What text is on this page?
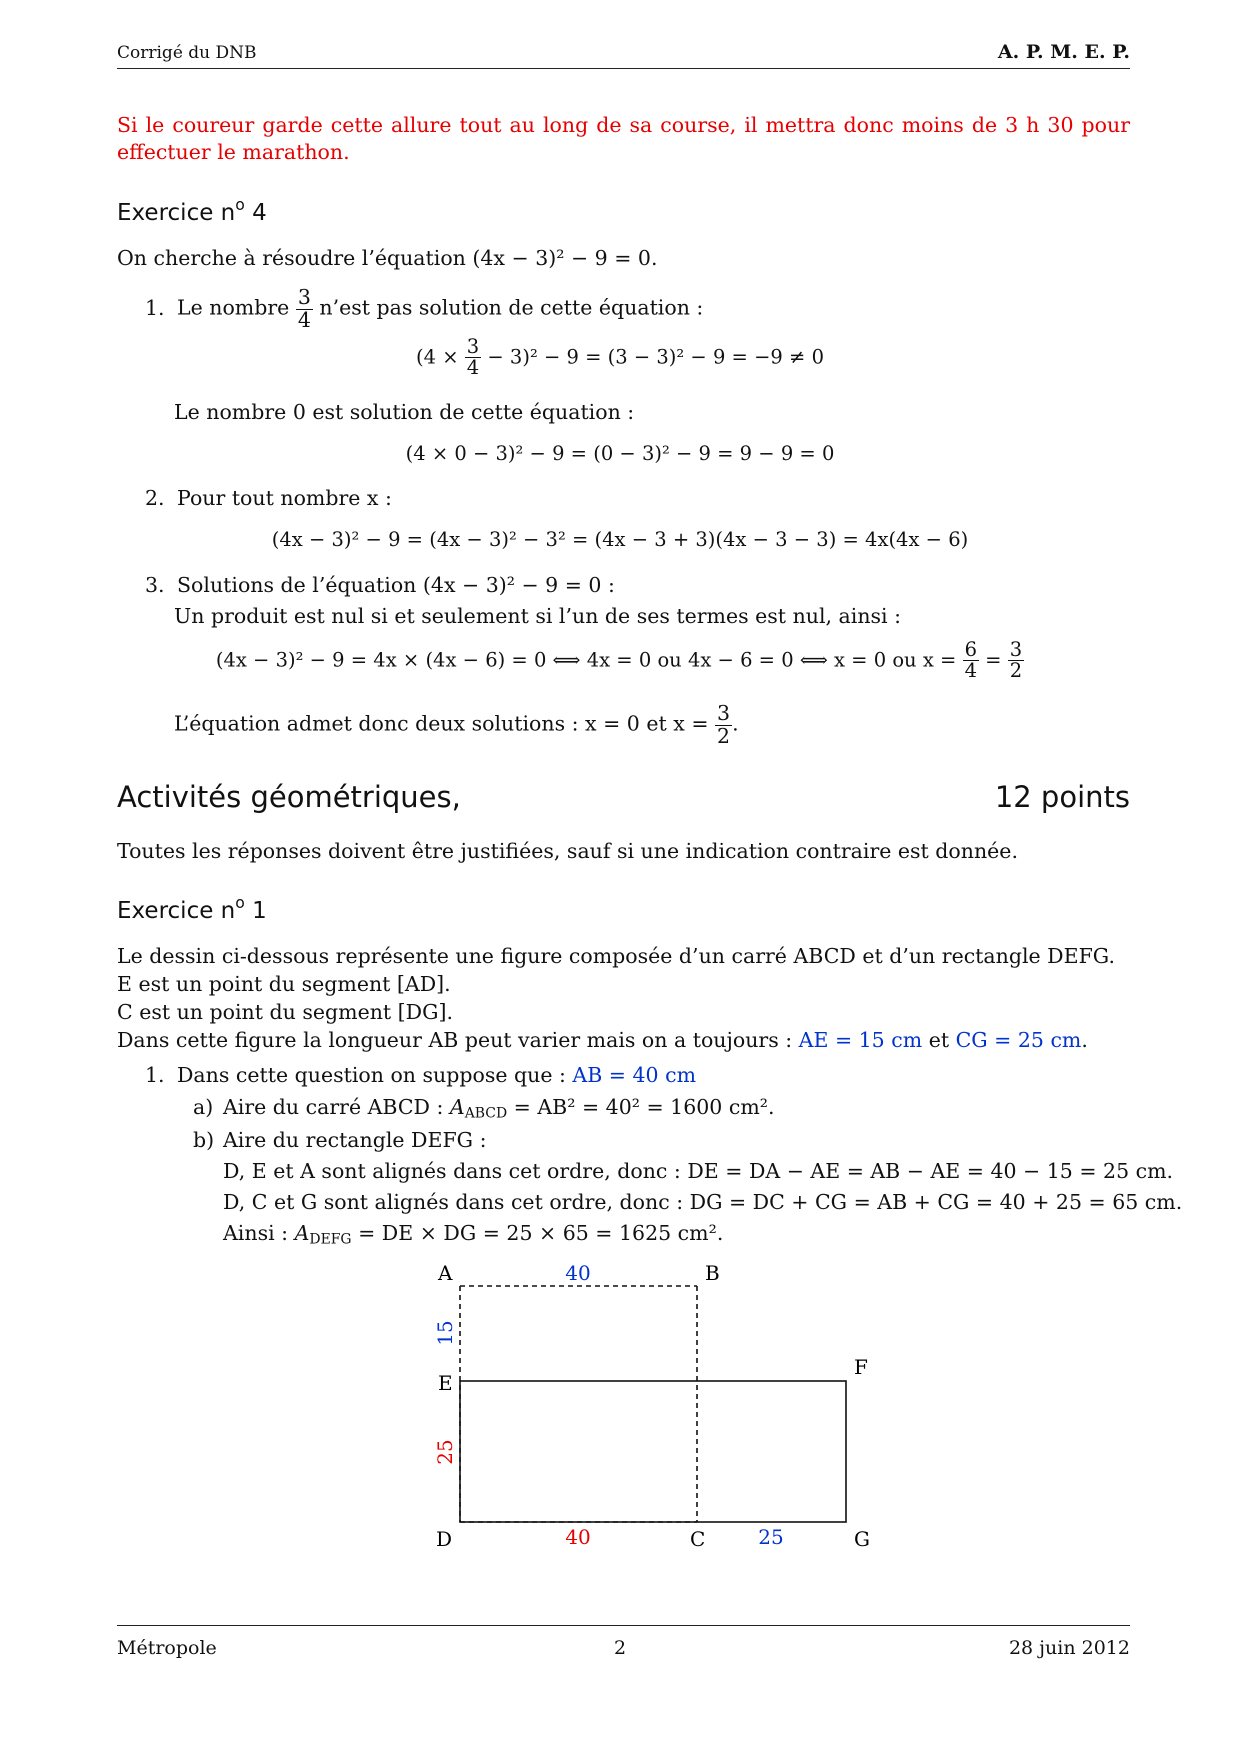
Corrigé du DNB	A. P. M. E. P.
Si le coureur garde cette allure tout au long de sa course, il mettra donc moins de 3 h 30 pour effectuer le marathon.
Exercice $n^o$ 4
On cherche à résoudre l’équation (4x − 3)² − 9 = 0.
1. Le nombre $\frac{3}{4}$ n’est pas solution de cette équation :
$(4 \times \frac{3}{4} - 3)^2 - 9 = (3 - 3)^2 - 9 = -9 \ne 0$
Le nombre 0 est solution de cette équation :
(4 × 0 − 3)² − 9 = (0 − 3)² − 9 = 9 − 9 = 0
2. Pour tout nombre x :
(4x − 3)² − 9 = (4x − 3)² − 3² = (4x − 3 + 3)(4x − 3 − 3) = 4x(4x − 6)
3. Solutions de l’équation (4x − 3)² − 9 = 0 :
Un produit est nul si et seulement si l’un de ses termes est nul, ainsi :
(4x − 3)² − 9 = 4x × (4x − 6) = 0 ⟺ 4x = 0 ou 4x − 6 = 0 ⟺ x = 0 ou $x = \frac{6}{4} = \frac{3}{2}$
L’équation admet donc deux solutions : x = 0 et $x = \frac{3}{2}$ .
Activités géométriques,	12 points
Toutes les réponses doivent être justifiées, sauf si une indication contraire est donnée.
Exercice $n^o$ 1
Le dessin ci-dessous représente une figure composée d’un carré ABCD et d’un rectangle DEFG.
E est un point du segment [AD].
C est un point du segment [DG].
Dans cette figure la longueur AB peut varier mais on a toujours : AE = 15 cm et CG = 25 cm.
1. Dans cette question on suppose que : AB = 40 cm
a) Aire du carré ABCD : $A_{ABCD} = AB^2 = 40^2 = 1600$ cm².
b) Aire du rectangle DEFG :
D, E et A sont alignés dans cet ordre, donc : DE = DA − AE = AB − AE = 40 − 15 = 25 cm.
D, C et G sont alignés dans cet ordre, donc : DG = DC + CG = AB + CG = 40 + 25 = 65 cm.
Ainsi : $A_{DEFG}$ = DE × DG = 25 × 65 = 1625 cm².
A	B
E
F
D	C	G
40
40	25
15
25
Métropole	2	28 juin 2012
